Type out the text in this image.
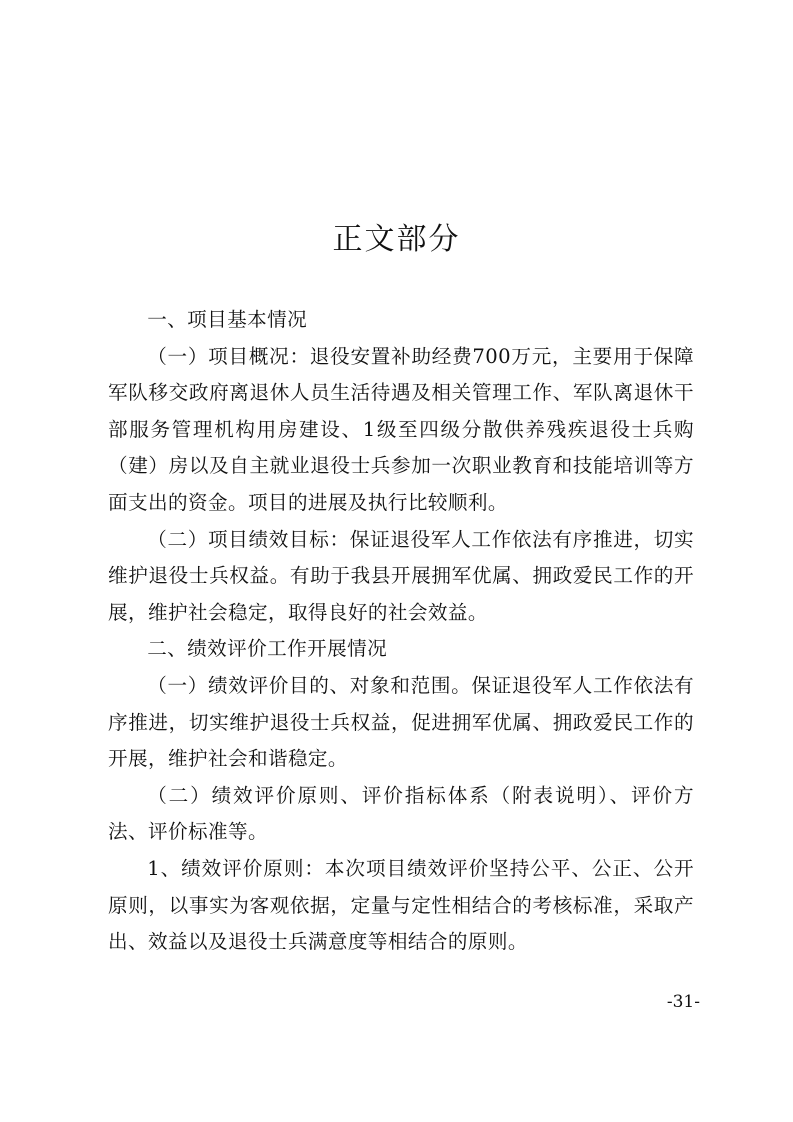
正文部分

一、项目基本情况

（一）项目概况：退役安置补助经费700万元，主要用于保障军队移交政府离退休人员生活待遇及相关管理工作、军队离退休干部服务管理机构用房建设、1级至四级分散供养残疾退役士兵购（建）房以及自主就业退役士兵参加一次职业教育和技能培训等方面支出的资金。项目的进展及执行比较顺利。

（二）项目绩效目标：保证退役军人工作依法有序推进，切实维护退役士兵权益。有助于我县开展拥军优属、拥政爱民工作的开展，维护社会稳定，取得良好的社会效益。

二、绩效评价工作开展情况

（一）绩效评价目的、对象和范围。保证退役军人工作依法有序推进，切实维护退役士兵权益，促进拥军优属、拥政爱民工作的开展，维护社会和谐稳定。

（二）绩效评价原则、评价指标体系（附表说明）、评价方法、评价标准等。

1、绩效评价原则：本次项目绩效评价坚持公平、公正、公开原则，以事实为客观依据，定量与定性相结合的考核标准，采取产出、效益以及退役士兵满意度等相结合的原则。

-31-
